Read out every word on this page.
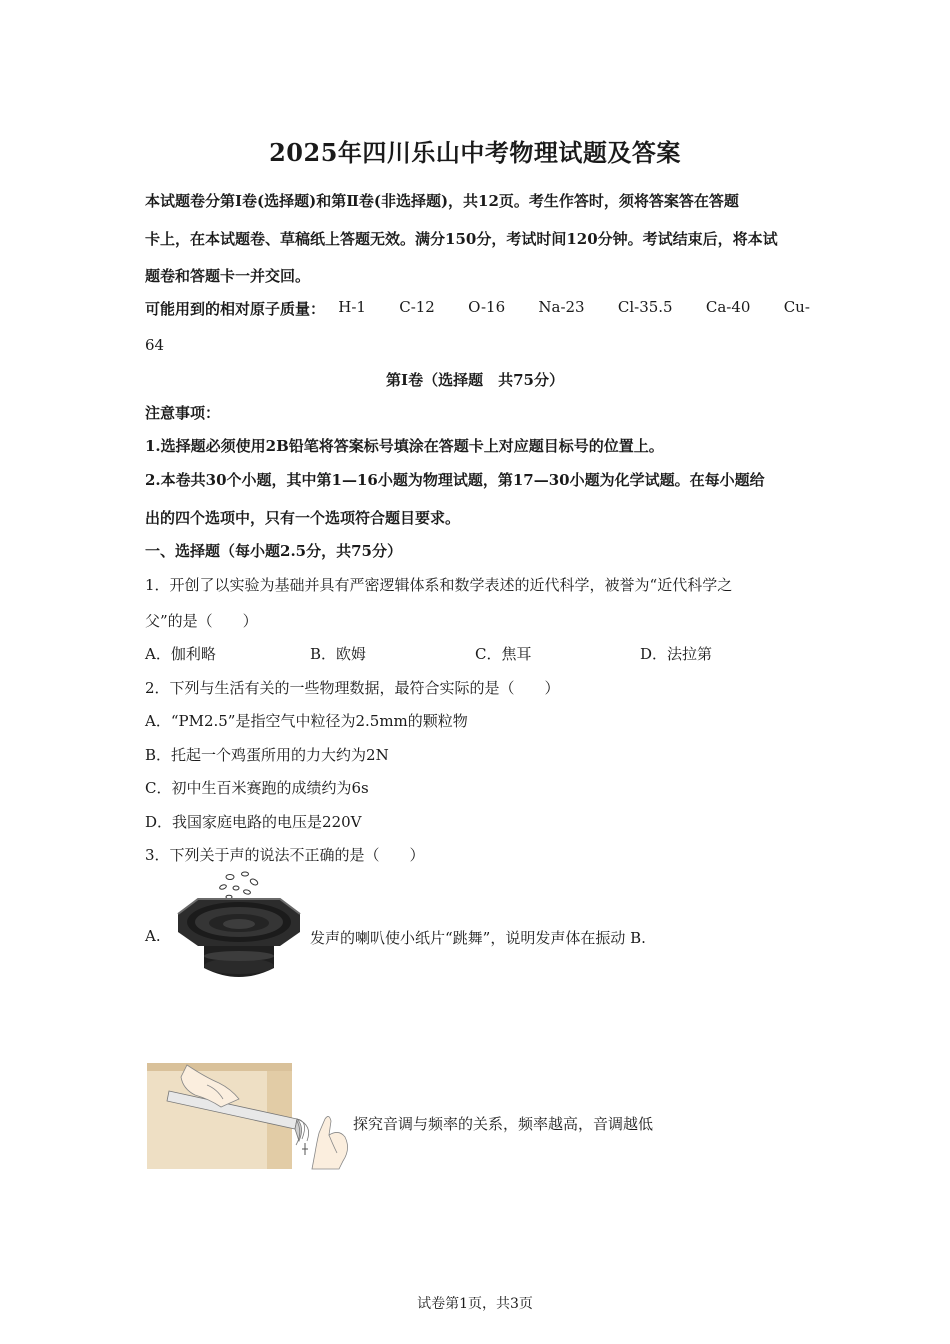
2025年四川乐山中考物理试题及答案
本试题卷分第Ⅰ卷(选择题)和第Ⅱ卷(非选择题)，共12页。考生作答时，须将答案答在答题
卡上，在本试题卷、草稿纸上答题无效。满分150分，考试时间120分钟。考试结束后，将本试
题卷和答题卡一并交回。
可能用到的相对原子质量： H-1 C-12 O-16 Na-23 Cl-35.5 Ca-40 Cu-
64
第Ⅰ卷（选择题　共75分）
注意事项：
1.选择题必须使用2B铅笔将答案标号填涂在答题卡上对应题目标号的位置上。
2.本卷共30个小题，其中第1—16小题为物理试题，第17—30小题为化学试题。在每小题给
出的四个选项中，只有一个选项符合题目要求。
一、选择题（每小题2.5分，共75分）
1．开创了以实验为基础并具有严密逻辑体系和数学表述的近代科学，被誉为“近代科学之
父”的是（　　）
A．伽利略	B．欧姆	C．焦耳	D．法拉第
2．下列与生活有关的一些物理数据，最符合实际的是（　　）
A．“PM2.5”是指空气中粒径为2.5mm的颗粒物
B．托起一个鸡蛋所用的力大约为2N
C．初中生百米赛跑的成绩约为6s
D．我国家庭电路的电压是220V
3．下列关于声的说法不正确的是（　　）
A.	发声的喇叭使小纸片“跳舞”，说明发声体在振动 B.
探究音调与频率的关系，频率越高，音调越低
试卷第1页，共3页
